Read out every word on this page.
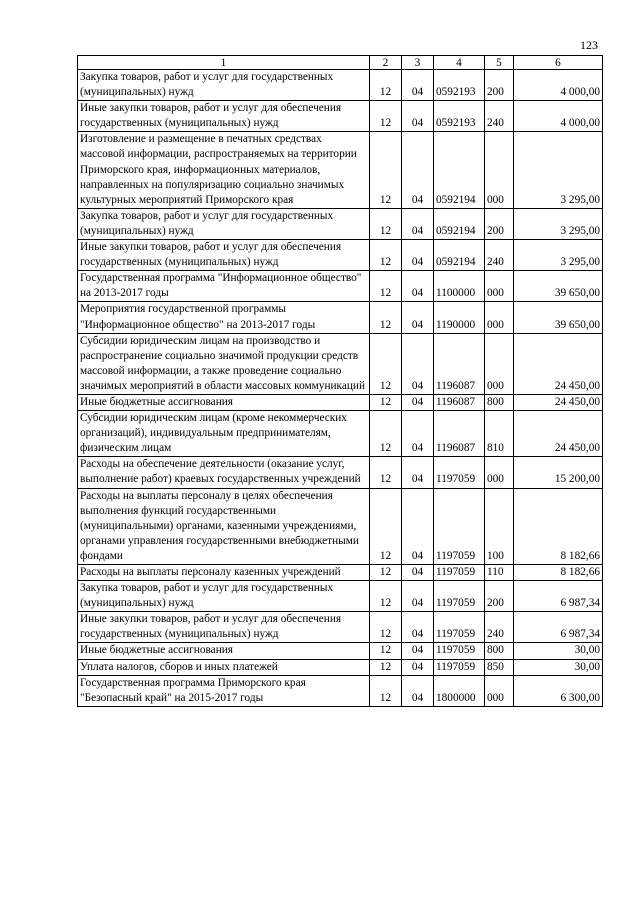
123
1	2	3	4	5	6
Закупка товаров, работ и услуг для государственных (муниципальных) нужд	12	04	0592193	200	4 000,00
Иные закупки товаров, работ и услуг для обеспечения государственных (муниципальных) нужд	12	04	0592193	240	4 000,00
Изготовление и размещение в печатных средствах массовой информации, распространяемых на территории Приморского края, информационных материалов, направленных на популяризацию социально значимых культурных мероприятий Приморского края	12	04	0592194	000	3 295,00
Закупка товаров, работ и услуг для государственных (муниципальных) нужд	12	04	0592194	200	3 295,00
Иные закупки товаров, работ и услуг для обеспечения государственных (муниципальных) нужд	12	04	0592194	240	3 295,00
Государственная программа "Информационное общество" на 2013-2017 годы	12	04	1100000	000	39 650,00
Мероприятия государственной программы "Информационное общество" на 2013-2017 годы	12	04	1190000	000	39 650,00
Субсидии юридическим лицам на производство и распространение социально значимой продукции средств массовой информации, а также проведение социально значимых мероприятий в области массовых коммуникаций	12	04	1196087	000	24 450,00
Иные бюджетные ассигнования	12	04	1196087	800	24 450,00
Субсидии юридическим лицам (кроме некоммерческих организаций), индивидуальным предпринимателям, физическим лицам	12	04	1196087	810	24 450,00
Расходы на обеспечение деятельности (оказание услуг, выполнение работ) краевых государственных учреждений	12	04	1197059	000	15 200,00
Расходы на выплаты персоналу в целях обеспечения выполнения функций государственными (муниципальными) органами, казенными учреждениями, органами управления государственными внебюджетными фондами	12	04	1197059	100	8 182,66
Расходы на выплаты персоналу казенных учреждений	12	04	1197059	110	8 182,66
Закупка товаров, работ и услуг для государственных (муниципальных) нужд	12	04	1197059	200	6 987,34
Иные закупки товаров, работ и услуг для обеспечения государственных (муниципальных) нужд	12	04	1197059	240	6 987,34
Иные бюджетные ассигнования	12	04	1197059	800	30,00
Уплата налогов, сборов и иных платежей	12	04	1197059	850	30,00
Государственная программа Приморского края "Безопасный край" на 2015-2017 годы	12	04	1800000	000	6 300,00
